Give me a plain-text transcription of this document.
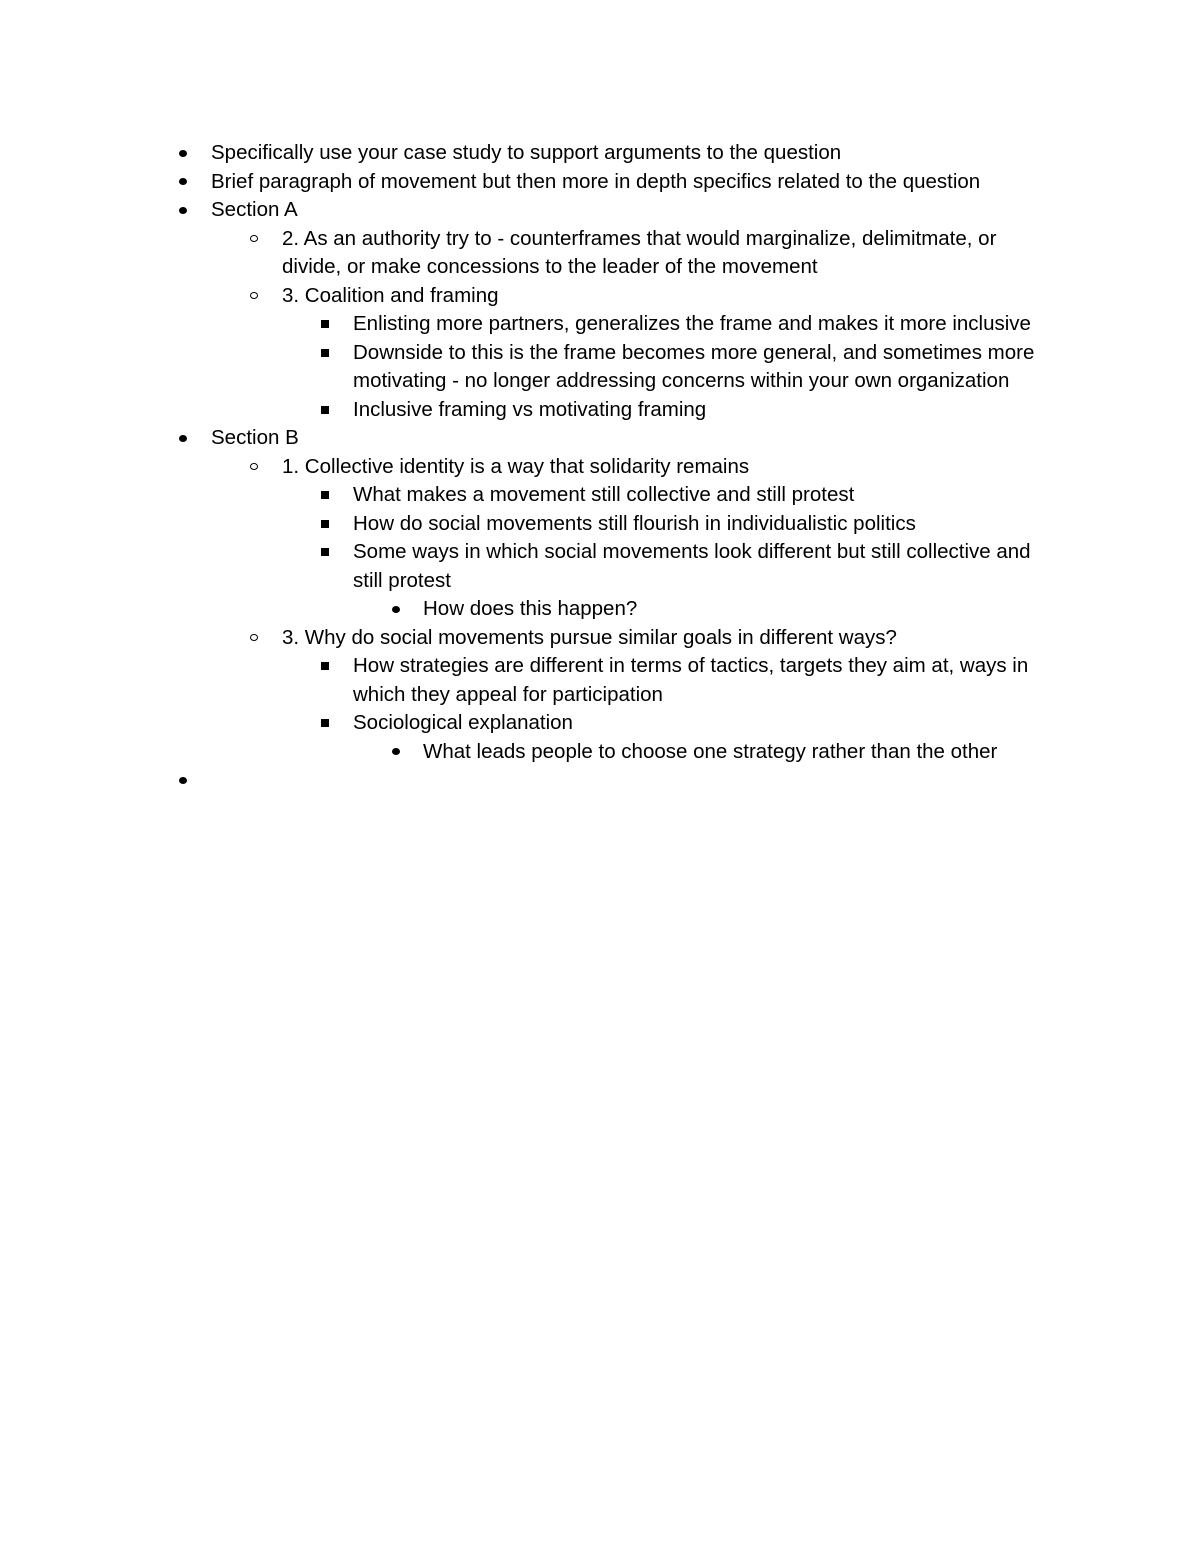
Specifically use your case study to support arguments to the question
Brief paragraph of movement but then more in depth specifics related to the question
Section A
2. As an authority try to - counterframes that would marginalize, delimitmate, or divide, or make concessions to the leader of the movement
3. Coalition and framing
Enlisting more partners, generalizes the frame and makes it more inclusive
Downside to this is the frame becomes more general, and sometimes more motivating - no longer addressing concerns within your own organization
Inclusive framing vs motivating framing
Section B
1. Collective identity is a way that solidarity remains
What makes a movement still collective and still protest
How do social movements still flourish in individualistic politics
Some ways in which social movements look different but still collective and still protest
How does this happen?
3. Why do social movements pursue similar goals in different ways?
How strategies are different in terms of tactics, targets they aim at, ways in which they appeal for participation
Sociological explanation
What leads people to choose one strategy rather than the other
